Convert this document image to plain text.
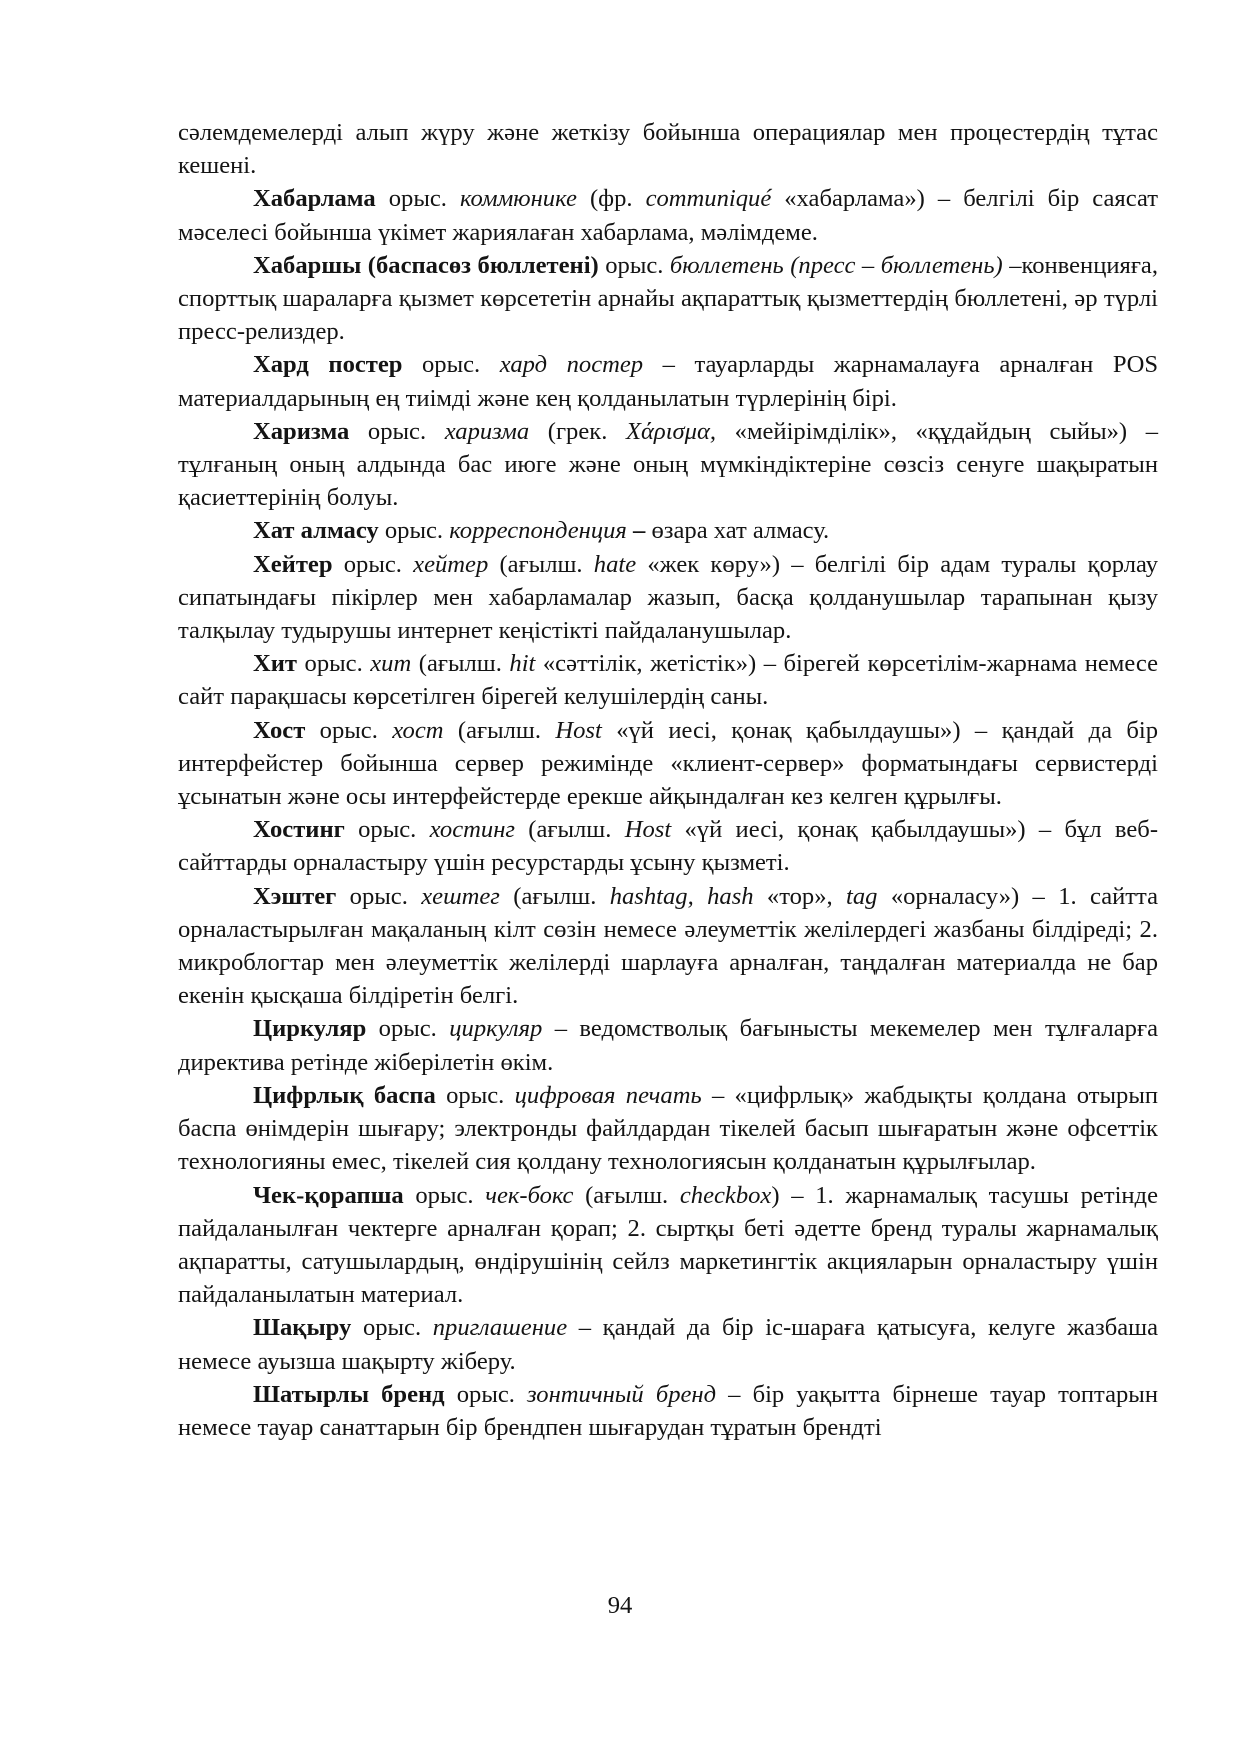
сәлемдемелерді алып жүру және жеткізу бойынша операциялар мен процестердің тұтас кешені.

Хабарлама орыс. коммюнике (фр. communiqué «хабарлама») – белгілі бір саясат мәселесі бойынша үкімет жариялаған хабарлама, мәлімдеме.

Хабаршы (баспасөз бюллетені) орыс. бюллетень (пресс – бюллетень) –конвенцияға, спорттық шараларға қызмет көрсететін арнайы ақпараттық қызметтердің бюллетені, әр түрлі пресс-релиздер.

Хард постер орыс. хард постер – тауарларды жарнамалауға арналған POS материалдарының ең тиімді және кең қолданылатын түрлерінің бірі.

Харизма орыс. харизма (грек. Χάρισμα, «мейірімділік», «құдайдың сыйы») – тұлғаның оның алдында бас июге және оның мүмкіндіктеріне сөзсіз сенуге шақыратын қасиеттерінің болуы.

Хат алмасу орыс. корреспонденция – өзара хат алмасу.

Хейтер орыс. хейтер (ағылш. hate «жек көру») – белгілі бір адам туралы қорлау сипатындағы пікірлер мен хабарламалар жазып, басқа қолданушылар тарапынан қызу талқылау тудырушы интернет кеңістікті пайдаланушылар.

Хит орыс. хит (ағылш. hit «сәттілік, жетістік») – бірегей көрсетілім-жарнама немесе сайт парақшасы көрсетілген бірегей келушілердің саны.

Хост орыс. хост (ағылш. Host «үй иесі, қонақ қабылдаушы») – қандай да бір интерфейстер бойынша сервер режимінде «клиент-сервер» форматындағы сервистерді ұсынатын және осы интерфейстерде ерекше айқындалған кез келген құрылғы.

Хостинг орыс. хостинг (ағылш. Host «үй иесі, қонақ қабылдаушы») – бұл веб-сайттарды орналастыру үшін ресурстарды ұсыну қызметі.

Хэштег орыс. хештег (ағылш. hashtag, hash «тор», tag «орналасу») – 1. сайтта орналастырылған мақаланың кілт сөзін немесе әлеуметтік желілердегі жазбаны білдіреді; 2. микроблогтар мен әлеуметтік желілерді шарлауға арналған, таңдалған материалда не бар екенін қысқаша білдіретін белгі.

Циркуляр орыс. циркуляр – ведомстволық бағынысты мекемелер мен тұлғаларға директива ретінде жіберілетін өкім.

Цифрлық баспа орыс. цифровая печать – «цифрлық» жабдықты қолдана отырып баспа өнімдерін шығару; электронды файлдардан тікелей басып шығаратын және офсеттік технологияны емес, тікелей сия қолдану технологиясын қолданатын құрылғылар.

Чек-қорапша орыс. чек-бокс (ағылш. checkbox) – 1. жарнамалық тасушы ретінде пайдаланылған чектерге арналған қорап; 2. сыртқы беті әдетте бренд туралы жарнамалық ақпаратты, сатушылардың, өндірушінің сейлз маркетингтік акцияларын орналастыру үшін пайдаланылатын материал.

Шақыру орыс. приглашение – қандай да бір іс-шараға қатысуға, келуге жазбаша немесе ауызша шақырту жіберу.

Шатырлы бренд орыс. зонтичный бренд – бір уақытта бірнеше тауар топтарын немесе тауар санаттарын бір брендпен шығарудан тұратын брендті

94
